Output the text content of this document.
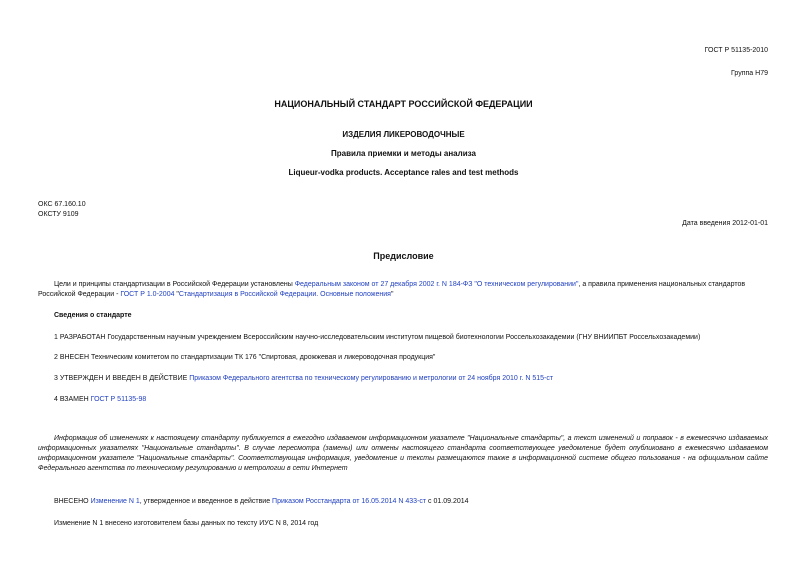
ГОСТ Р 51135-2010
Группа Н79
НАЦИОНАЛЬНЫЙ СТАНДАРТ РОССИЙСКОЙ ФЕДЕРАЦИИ
ИЗДЕЛИЯ ЛИКЕРОВОДОЧНЫЕ
Правила приемки и методы анализа
Liqueur-vodka products. Acceptance rales and test methods
ОКС 67.160.10
ОКСТУ 9109
Дата введения 2012-01-01
Предисловие
Цели и принципы стандартизации в Российской Федерации установлены Федеральным законом от 27 декабря 2002 г. N 184-ФЗ "О техническом регулировании", а правила применения национальных стандартов Российской Федерации - ГОСТ Р 1.0-2004 "Стандартизация в Российской Федерации. Основные положения"
Сведения о стандарте
1 РАЗРАБОТАН Государственным научным учреждением Всероссийским научно-исследовательским институтом пищевой биотехнологии Россельхозакадемии (ГНУ ВНИИПБТ Россельхозакадемии)
2 ВНЕСЕН Техническим комитетом по стандартизации ТК 176 "Спиртовая, дрожжевая и ликероводочная продукция"
3 УТВЕРЖДЕН И ВВЕДЕН В ДЕЙСТВИЕ Приказом Федерального агентства по техническому регулированию и метрологии от 24 ноября 2010 г. N 515-ст
4 ВЗАМЕН ГОСТ Р 51135-98
Информация об изменениях к настоящему стандарту публикуется в ежегодно издаваемом информационном указателе "Национальные стандарты", а текст изменений и поправок - в ежемесячно издаваемых информационных указателях "Национальные стандарты". В случае пересмотра (замены) или отмены настоящего стандарта соответствующее уведомление будет опубликовано в ежемесячно издаваемом информационном указателе "Национальные стандарты". Соответствующая информация, уведомление и тексты размещаются также в информационной системе общего пользования - на официальном сайте Федерального агентства по техническому регулированию и метрологии в сети Интернет
ВНЕСЕНО Изменение N 1, утвержденное и введенное в действие Приказом Росстандарта от 16.05.2014 N 433-ст с 01.09.2014
Изменение N 1 внесено изготовителем базы данных по тексту ИУС N 8, 2014 год
